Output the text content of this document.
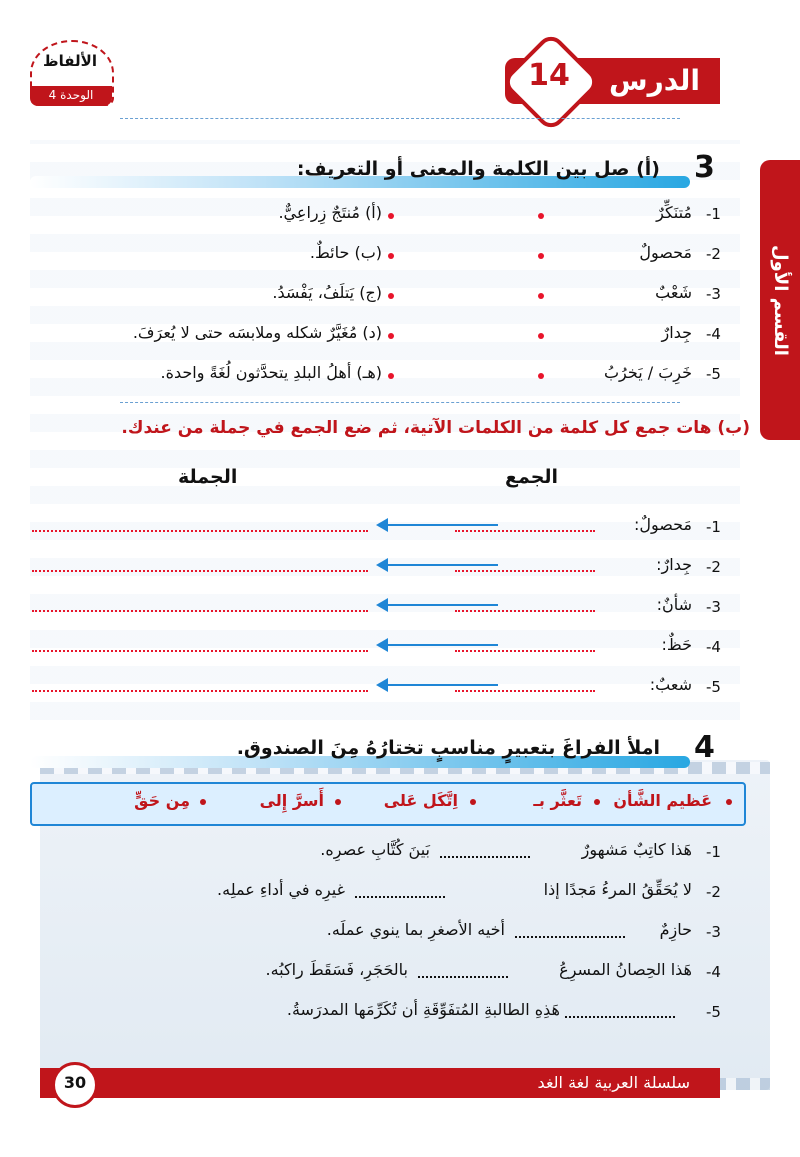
الدرس
14
الألفاظ
الوحدة 4
القسم الأول
3
(أ) صل بين الكلمة والمعنى أو التعريف:
-1
مُتنَكِّرٌ
(أ) مُنتَجٌ زِراعِيٌّ.
-2
مَحصولٌ
(ب) حائطٌ.
-3
شَعْبٌ
(ج) يَتلَفُ، يَفْسَدُ.
-4
جِدارٌ
(د) مُغَيَّرٌ شكله وملابسَه حتى لا يُعرَفَ.
-5
خَرِبَ / يَخرُبُ
(هـ) أهلُ البلدِ يتحدَّثون لُغَةً واحدة.
(ب) هات جمع كل كلمة من الكلمات الآتية، ثم ضع الجمع في جملة من عندك.
الجمع
الجملة
-1
مَحصولٌ:
-2
جِدارٌ:
-3
شأنٌ:
-4
حَظٌ:
-5
شعبٌ:
4
املأ الفراغَ بتعبيرٍ مناسبٍ تختارُهُ مِنَ الصندوق.
عَظيم الشَّأن
تَعثَّر بـ
اِتَّكَل عَلى
أَسرَّ إِلى
مِن حَقٍّ
-1
هَذا كاتِبٌ مَشهورٌ
بَينَ كُتَّابِ عصرِه.
-2
لا يُحَقِّقُ المرءُ مَجدًا إذا
غيرِه في أداءِ عملِه.
-3
حازِمٌ
أخيه الأصغرِ بما ينوي عملَه.
-4
هَذا الحِصانُ المسرِعُ
بالحَجَرِ، فَسَقَطَ راكبُه.
-5
هَذِهِ الطالبةِ المُتفَوِّقَةِ أن تُكَرِّمَها المدرَسةُ.
سلسلة العربية لغة الغد
30
